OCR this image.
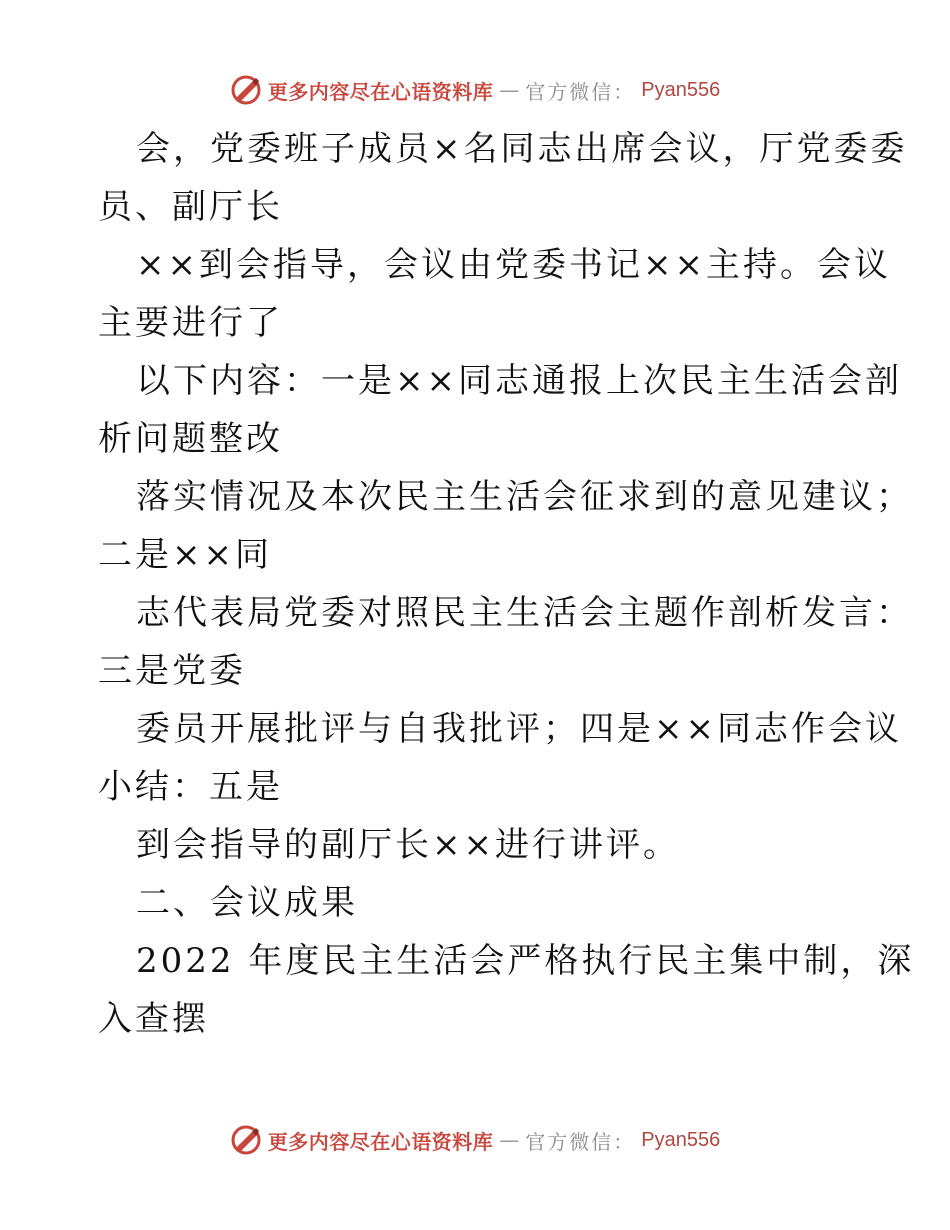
更多内容尽在心语资料库 — 官方微信： Pyan556
会，党委班子成员×名同志出席会议，厅党委委
员、副厅长
××到会指导，会议由党委书记××主持。会议
主要进行了
以下内容：一是××同志通报上次民主生活会剖
析问题整改
落实情况及本次民主生活会征求到的意见建议；
二是××同
志代表局党委对照民主生活会主题作剖析发言：
三是党委
委员开展批评与自我批评；四是××同志作会议
小结：五是
到会指导的副厅长××进行讲评。
二、会议成果
2022 年度民主生活会严格执行民主集中制，深
入查摆
更多内容尽在心语资料库 — 官方微信： Pyan556
